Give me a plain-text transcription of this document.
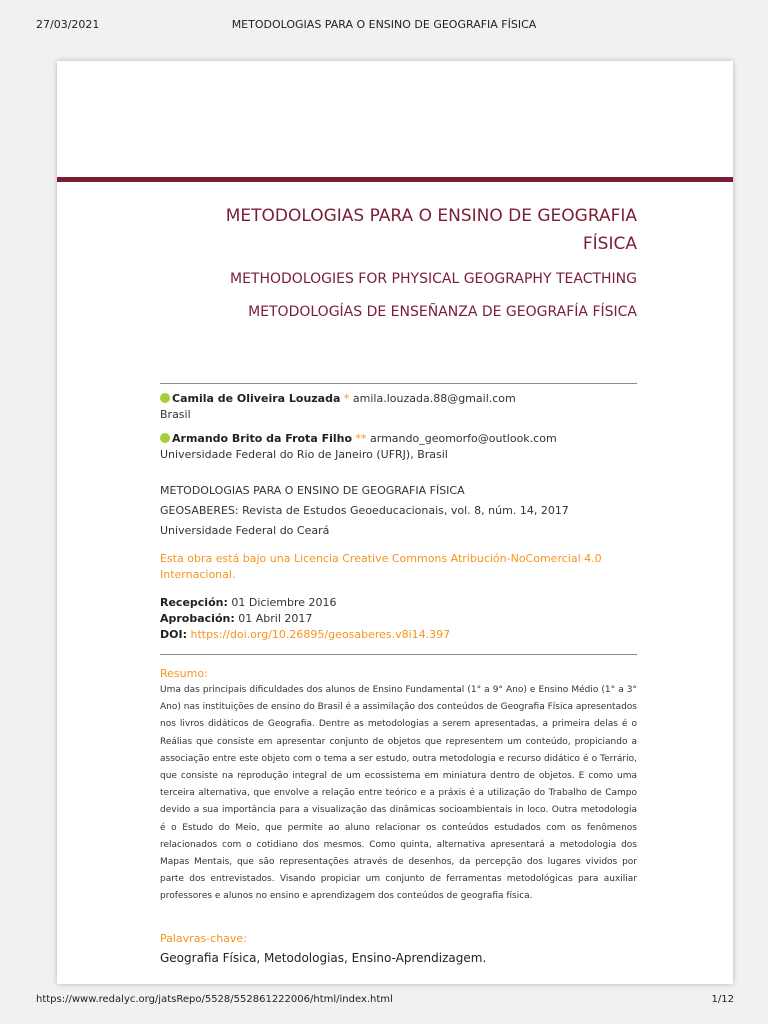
27/03/2021	METODOLOGIAS PARA O ENSINO DE GEOGRAFIA FÍSICA
METODOLOGIAS PARA O ENSINO DE GEOGRAFIA FÍSICA
METHODOLOGIES FOR PHYSICAL GEOGRAPHY TEACTHING
METODOLOGÍAS DE ENSEÑANZA DE GEOGRAFÍA FÍSICA
Camila de Oliveira Louzada * amila.louzada.88@gmail.com
Brasil
Armando Brito da Frota Filho ** armando_geomorfo@outlook.com
Universidade Federal do Rio de Janeiro (UFRJ), Brasil
METODOLOGIAS PARA O ENSINO DE GEOGRAFIA FÍSICA
GEOSABERES: Revista de Estudos Geoeducacionais, vol. 8, núm. 14, 2017
Universidade Federal do Ceará
Esta obra está bajo una Licencia Creative Commons Atribución-NoComercial 4.0 Internacional.
Recepción: 01 Diciembre 2016
Aprobación: 01 Abril 2017
DOI: https://doi.org/10.26895/geosaberes.v8i14.397
Resumo:

Uma das principais dificuldades dos alunos de Ensino Fundamental (1° a 9° Ano) e Ensino Médio (1° a 3° Ano) nas instituições de ensino do Brasil é a assimilação dos conteúdos de Geografia Física apresentados nos livros didáticos de Geografia. Dentre as metodologias a serem apresentadas, a primeira delas é o Reálias que consiste em apresentar conjunto de objetos que representem um conteúdo, propiciando a associação entre este objeto com o tema a ser estudo, outra metodologia e recurso didático é o Terrário, que consiste na reprodução integral de um ecossistema em miniatura dentro de objetos. E como uma terceira alternativa, que envolve a relação entre teórico e a práxis é a utilização do Trabalho de Campo devido a sua importância para a visualização das dinâmicas socioambientais in loco. Outra metodologia é o Estudo do Meio, que permite ao aluno relacionar os conteúdos estudados com os fenômenos relacionados com o cotidiano dos mesmos. Como quinta, alternativa apresentará a metodologia dos Mapas Mentais, que são representações através de desenhos, da percepção dos lugares vividos por parte dos entrevistados. Visando propiciar um conjunto de ferramentas metodológicas para auxiliar professores e alunos no ensino e aprendizagem dos conteúdos de geografia física.

Palavras-chave:
Geografia Física, Metodologias, Ensino-Aprendizagem.
https://www.redalyc.org/jatsRepo/5528/552861222006/html/index.html	1/12
